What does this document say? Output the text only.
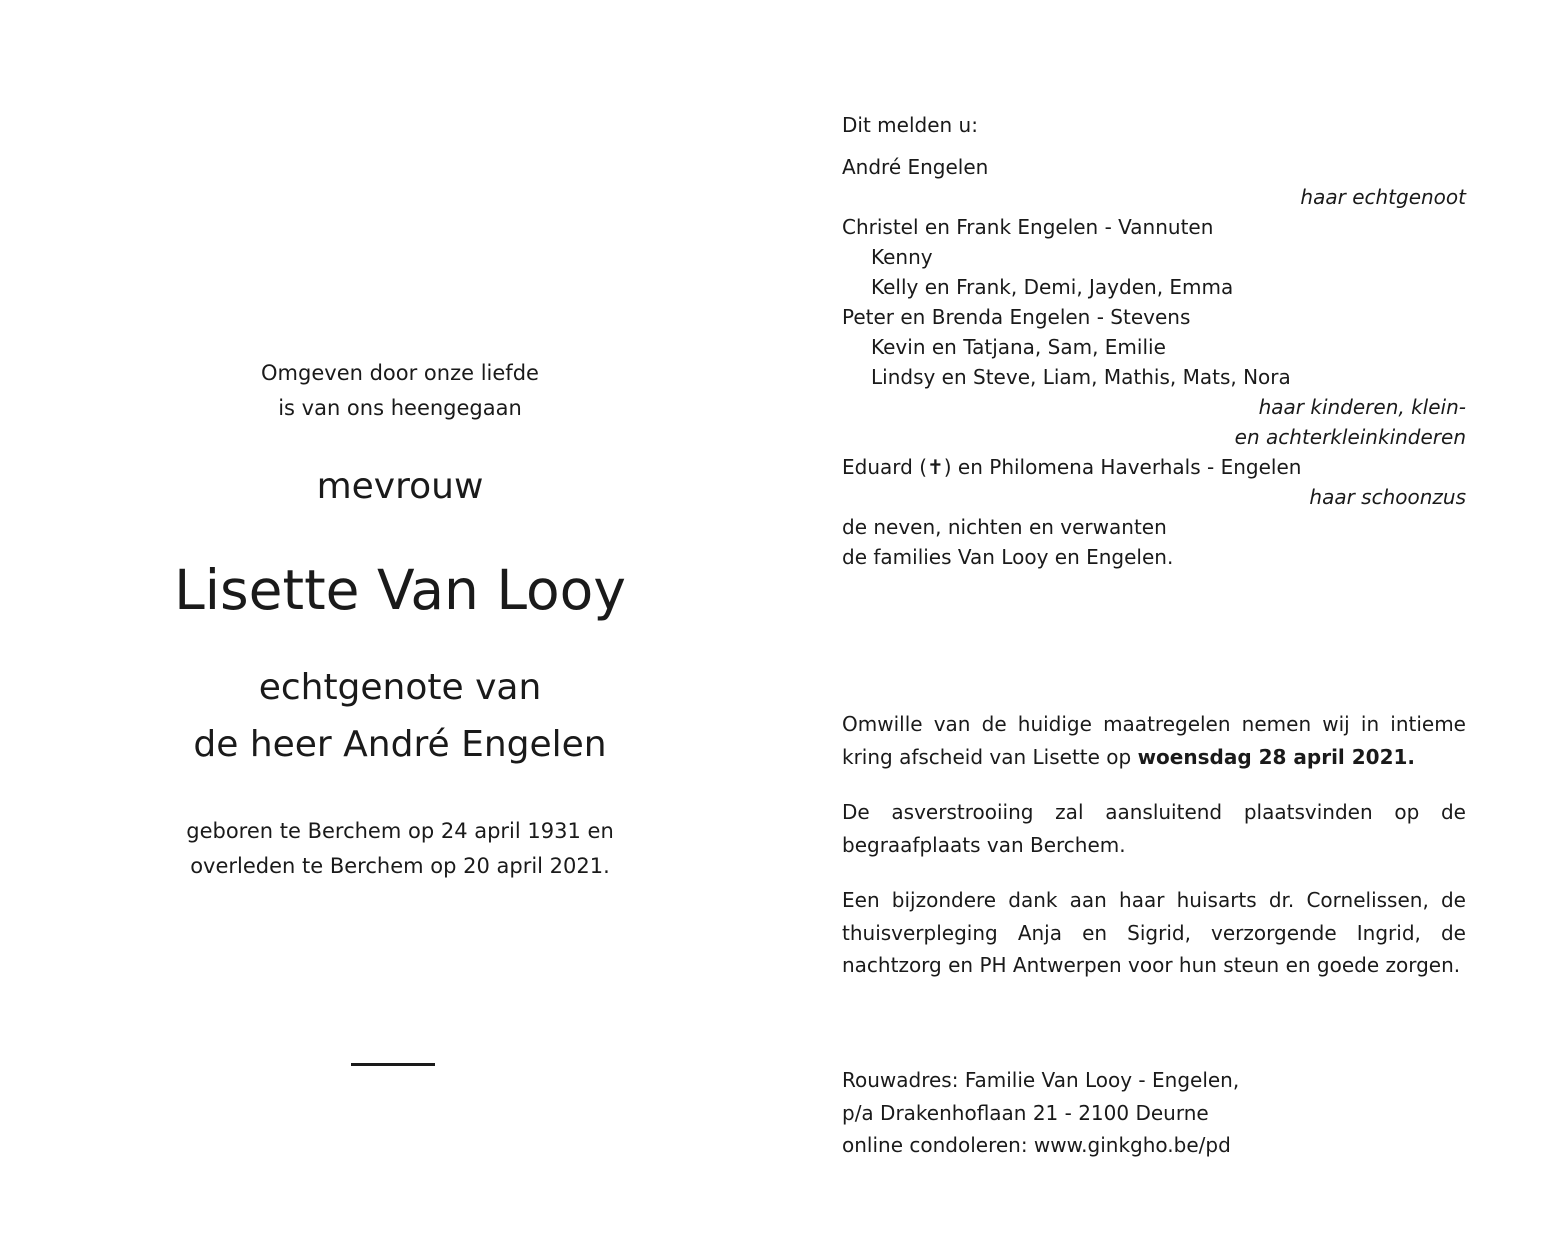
Omgeven door onze liefde
is van ons heengegaan
mevrouw
Lisette Van Looy
echtgenote van
de heer André Engelen
geboren te Berchem op 24 april 1931 en
overleden te Berchem op 20 april 2021.
Dit melden u:
André Engelen
haar echtgenoot
Christel en Frank Engelen - Vannuten
Kenny
Kelly en Frank, Demi, Jayden, Emma
Peter en Brenda Engelen - Stevens
Kevin en Tatjana, Sam, Emilie
Lindsy en Steve, Liam, Mathis, Mats, Nora
haar kinderen, klein-
en achterkleinkinderen
Eduard (✝) en Philomena Haverhals - Engelen
haar schoonzus
de neven, nichten en verwanten
de families Van Looy en Engelen.
Omwille van de huidige maatregelen nemen wij in intieme kring afscheid van Lisette op woensdag 28 april 2021.
De asverstrooiing zal aansluitend plaatsvinden op de begraafplaats van Berchem.
Een bijzondere dank aan haar huisarts dr. Cornelissen, de thuisverpleging Anja en Sigrid, verzorgende Ingrid, de nachtzorg en PH Antwerpen voor hun steun en goede zorgen.
Rouwadres: Familie Van Looy - Engelen,
p/a Drakenhoflaan 21 - 2100 Deurne
online condoleren: www.ginkgho.be/pd
